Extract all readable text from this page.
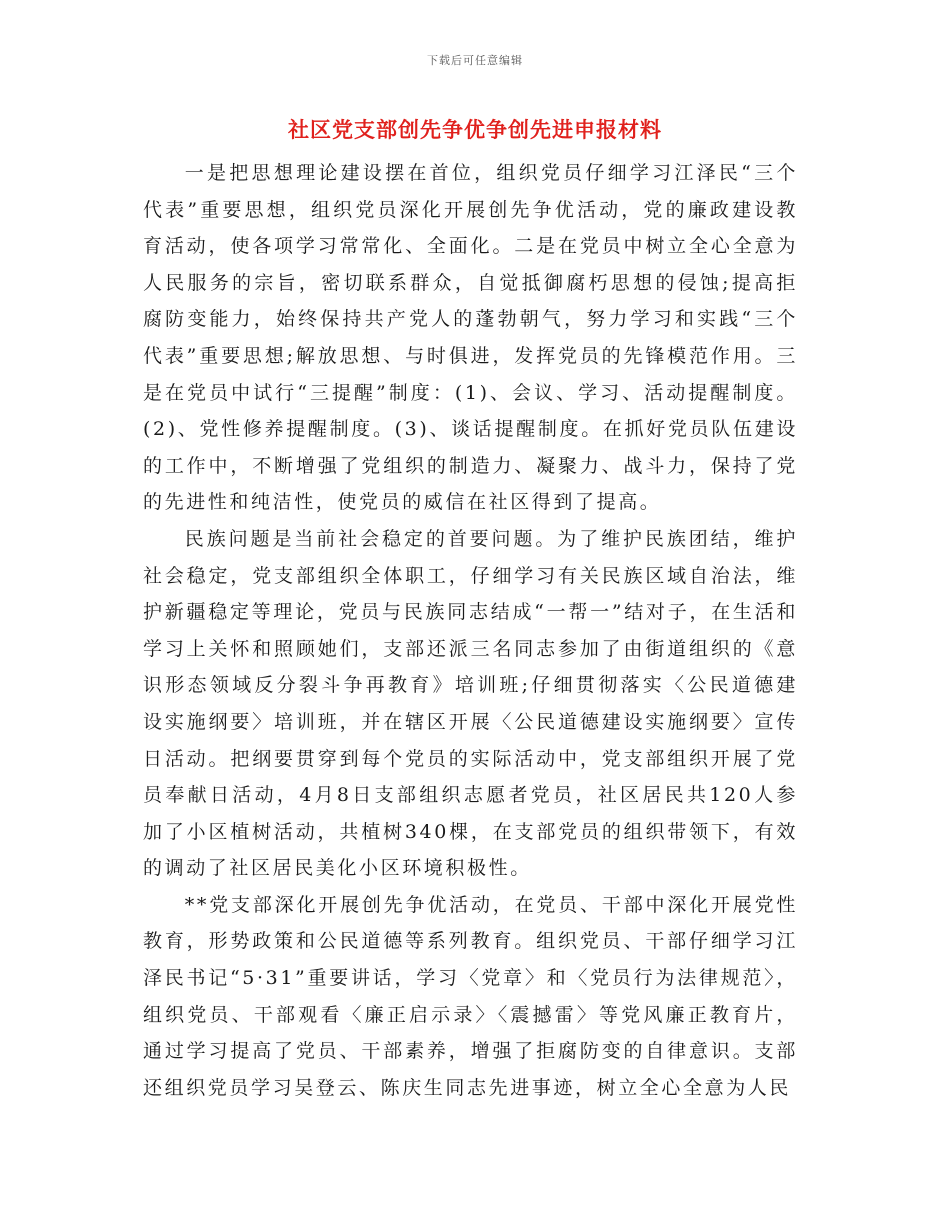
下载后可任意编辑
社区党支部创先争优争创先进申报材料

一是把思想理论建设摆在首位，组织党员仔细学习江泽民“三个代表”重要思想，组织党员深化开展创先争优活动，党的廉政建设教育活动，使各项学习常常化、全面化。二是在党员中树立全心全意为人民服务的宗旨，密切联系群众，自觉抵御腐朽思想的侵蚀;提高拒腐防变能力，始终保持共产党人的蓬勃朝气，努力学习和实践“三个代表”重要思想;解放思想、与时俱进，发挥党员的先锋模范作用。三是在党员中试行“三提醒”制度：(1)、会议、学习、活动提醒制度。(2)、党性修养提醒制度。(3)、谈话提醒制度。在抓好党员队伍建设的工作中，不断增强了党组织的制造力、凝聚力、战斗力，保持了党的先进性和纯洁性，使党员的威信在社区得到了提高。

民族问题是当前社会稳定的首要问题。为了维护民族团结，维护社会稳定，党支部组织全体职工，仔细学习有关民族区域自治法，维护新疆稳定等理论，党员与民族同志结成“一帮一”结对子，在生活和学习上关怀和照顾她们，支部还派三名同志参加了由街道组织的《意识形态领域反分裂斗争再教育》培训班;仔细贯彻落实〈公民道德建设实施纲要〉培训班，并在辖区开展〈公民道德建设实施纲要〉宣传日活动。把纲要贯穿到每个党员的实际活动中，党支部组织开展了党员奉献日活动，4月8日支部组织志愿者党员，社区居民共120人参加了小区植树活动，共植树340棵，在支部党员的组织带领下，有效的调动了社区居民美化小区环境积极性。

**党支部深化开展创先争优活动，在党员、干部中深化开展党性教育，形势政策和公民道德等系列教育。组织党员、干部仔细学习江泽民书记“5·31”重要讲话，学习〈党章〉和〈党员行为法律规范〉，组织党员、干部观看〈廉正启示录〉〈震撼雷〉等党风廉正教育片，通过学习提高了党员、干部素养，增强了拒腐防变的自律意识。支部还组织党员学习吴登云、陈庆生同志先进事迹，树立全心全意为人民
